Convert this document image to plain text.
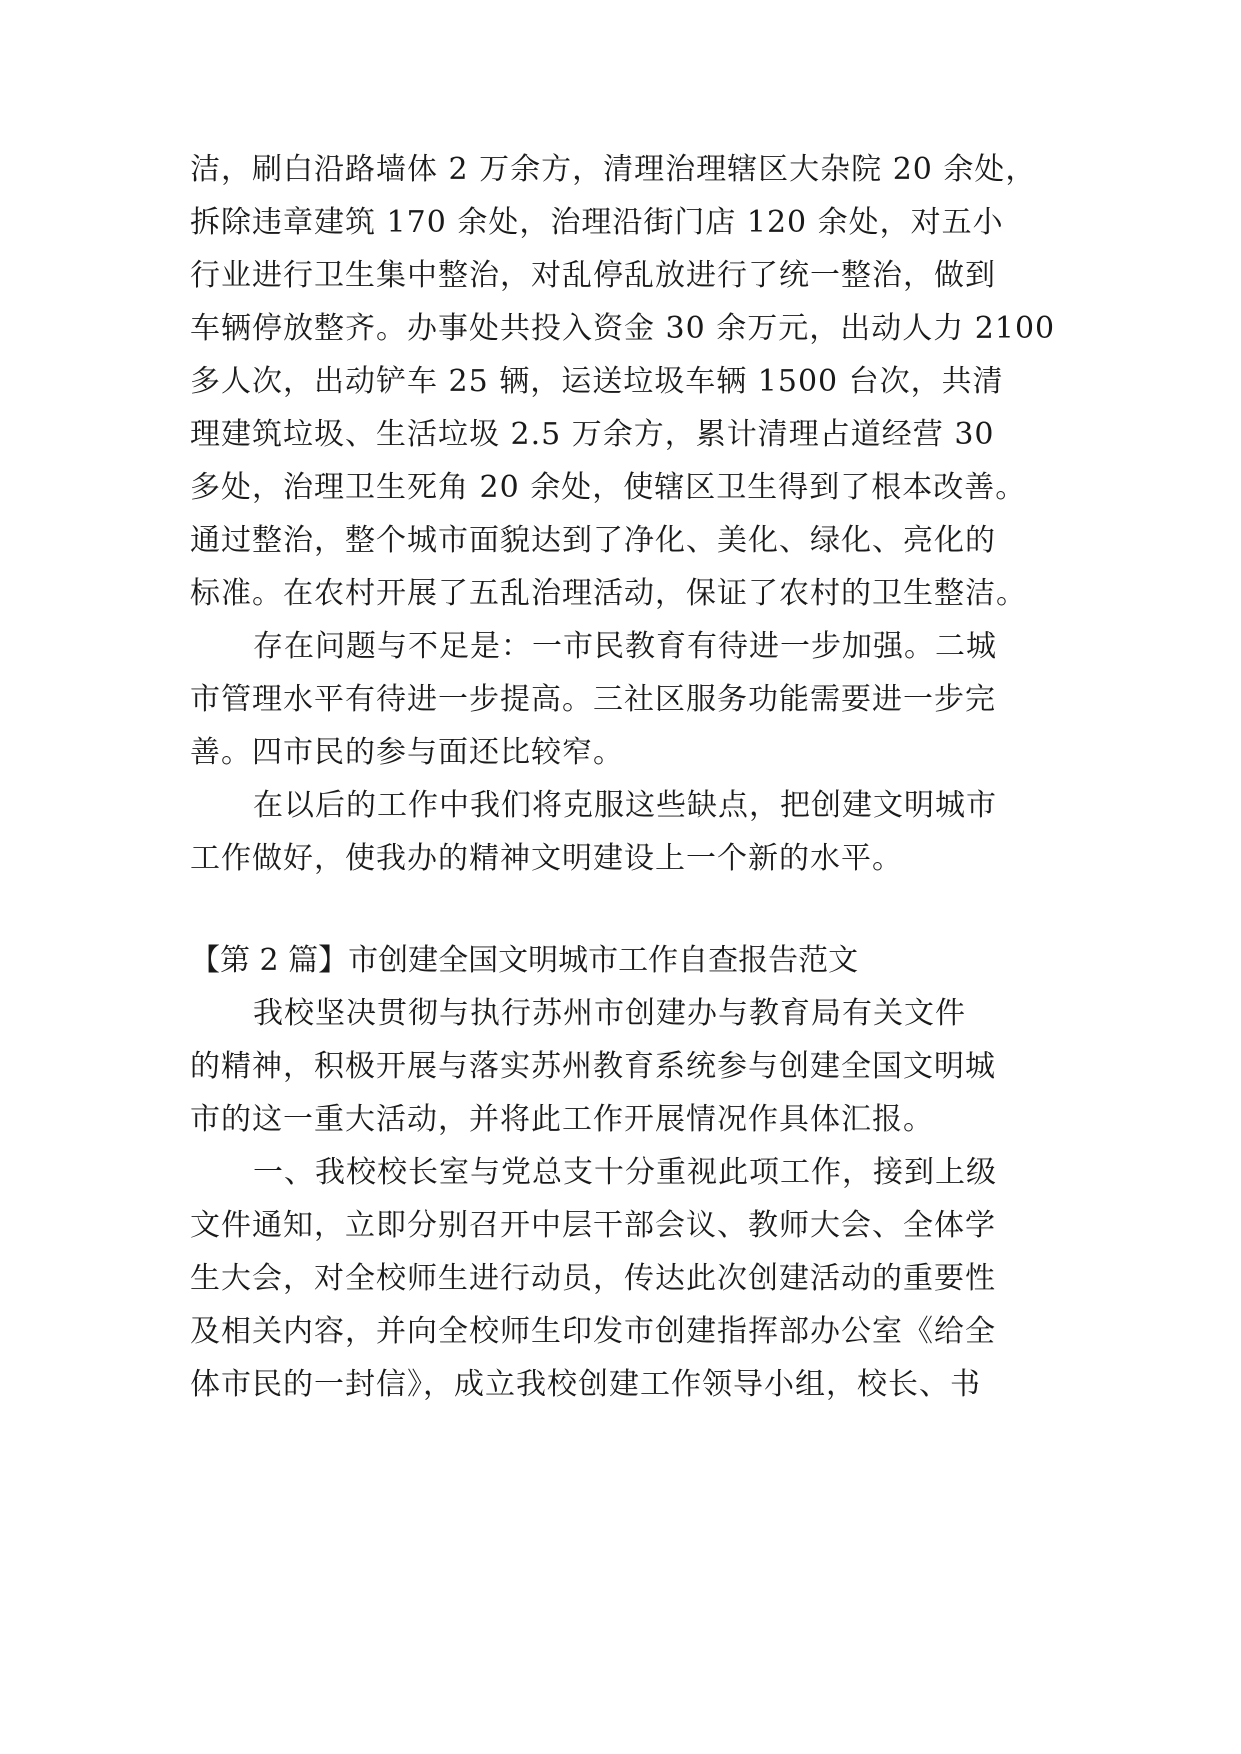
洁，刷白沿路墙体 2 万余方，清理治理辖区大杂院 20 余处，
拆除违章建筑 170 余处，治理沿街门店 120 余处，对五小
行业进行卫生集中整治，对乱停乱放进行了统一整治，做到
车辆停放整齐。办事处共投入资金 30 余万元，出动人力 2100
多人次，出动铲车 25 辆，运送垃圾车辆 1500 台次，共清
理建筑垃圾、生活垃圾 2.5 万余方，累计清理占道经营 30
多处，治理卫生死角 20 余处，使辖区卫生得到了根本改善。
通过整治，整个城市面貌达到了净化、美化、绿化、亮化的
标准。在农村开展了五乱治理活动，保证了农村的卫生整洁。
存在问题与不足是：一市民教育有待进一步加强。二城
市管理水平有待进一步提高。三社区服务功能需要进一步完
善。四市民的参与面还比较窄。
在以后的工作中我们将克服这些缺点，把创建文明城市
工作做好，使我办的精神文明建设上一个新的水平。
【第 2 篇】市创建全国文明城市工作自查报告范文
我校坚决贯彻与执行苏州市创建办与教育局有关文件
的精神，积极开展与落实苏州教育系统参与创建全国文明城
市的这一重大活动，并将此工作开展情况作具体汇报。
一、我校校长室与党总支十分重视此项工作，接到上级
文件通知，立即分别召开中层干部会议、教师大会、全体学
生大会，对全校师生进行动员，传达此次创建活动的重要性
及相关内容，并向全校师生印发市创建指挥部办公室《给全
体市民的一封信》，成立我校创建工作领导小组，校长、书
